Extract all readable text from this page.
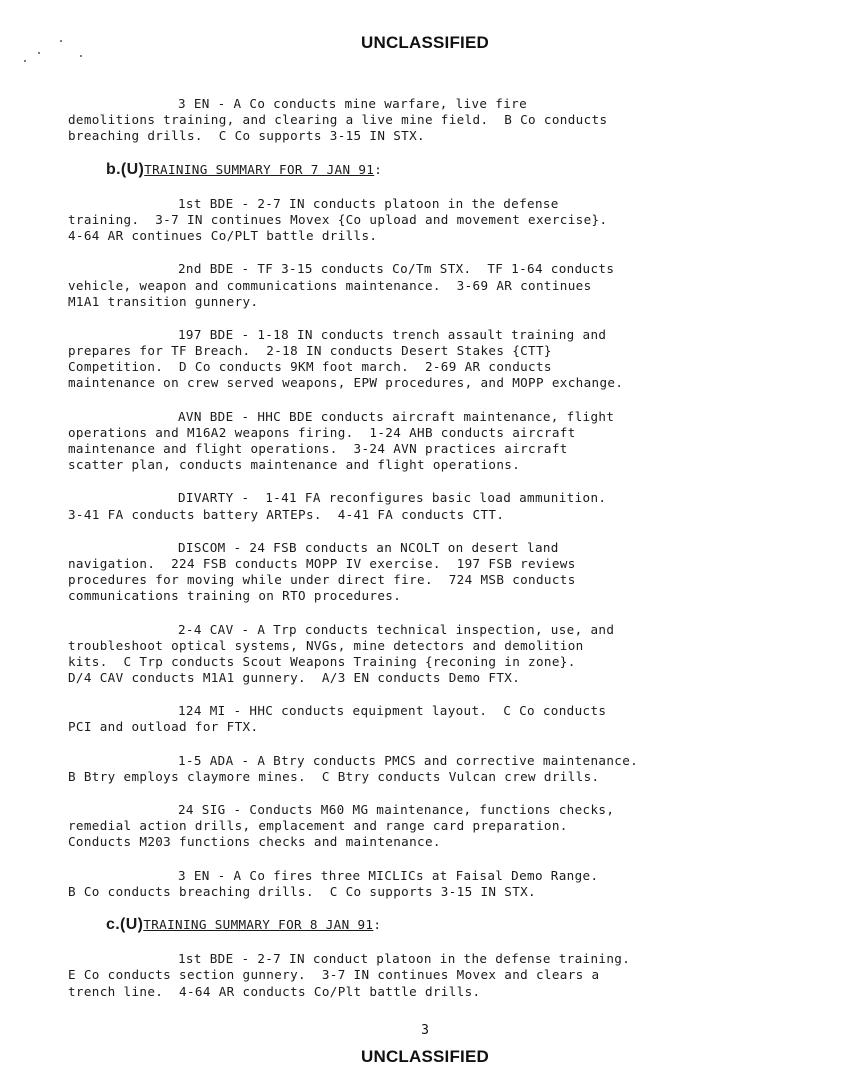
UNCLASSIFIED
3 EN - A Co conducts mine warfare, live fire
demolitions training, and clearing a live mine field.  B Co conducts
breaching drills.  C Co supports 3-15 IN STX.
b.(U)TRAINING SUMMARY FOR 7 JAN 91:
1st BDE - 2-7 IN conducts platoon in the defense
training.  3-7 IN continues Movex {Co upload and movement exercise}.
4-64 AR continues Co/PLT battle drills.
2nd BDE - TF 3-15 conducts Co/Tm STX.  TF 1-64 conducts
vehicle, weapon and communications maintenance.  3-69 AR continues
M1A1 transition gunnery.
197 BDE - 1-18 IN conducts trench assault training and
prepares for TF Breach.  2-18 IN conducts Desert Stakes {CTT}
Competition.  D Co conducts 9KM foot march.  2-69 AR conducts
maintenance on crew served weapons, EPW procedures, and MOPP exchange.
AVN BDE - HHC BDE conducts aircraft maintenance, flight
operations and M16A2 weapons firing.  1-24 AHB conducts aircraft
maintenance and flight operations.  3-24 AVN practices aircraft
scatter plan, conducts maintenance and flight operations.
DIVARTY -  1-41 FA reconfigures basic load ammunition.
3-41 FA conducts battery ARTEPs.  4-41 FA conducts CTT.
DISCOM - 24 FSB conducts an NCOLT on desert land
navigation.  224 FSB conducts MOPP IV exercise.  197 FSB reviews
procedures for moving while under direct fire.  724 MSB conducts
communications training on RTO procedures.
2-4 CAV - A Trp conducts technical inspection, use, and
troubleshoot optical systems, NVGs, mine detectors and demolition
kits.  C Trp conducts Scout Weapons Training {reconing in zone}.
D/4 CAV conducts M1A1 gunnery.  A/3 EN conducts Demo FTX.
124 MI - HHC conducts equipment layout.  C Co conducts
PCI and outload for FTX.
1-5 ADA - A Btry conducts PMCS and corrective maintenance.
B Btry employs claymore mines.  C Btry conducts Vulcan crew drills.
24 SIG - Conducts M60 MG maintenance, functions checks,
remedial action drills, emplacement and range card preparation.
Conducts M203 functions checks and maintenance.
3 EN - A Co fires three MICLICs at Faisal Demo Range.
B Co conducts breaching drills.  C Co supports 3-15 IN STX.
c.(U)TRAINING SUMMARY FOR 8 JAN 91:
1st BDE - 2-7 IN conduct platoon in the defense training.
E Co conducts section gunnery.  3-7 IN continues Movex and clears a
trench line.  4-64 AR conducts Co/Plt battle drills.
3
UNCLASSIFIED
